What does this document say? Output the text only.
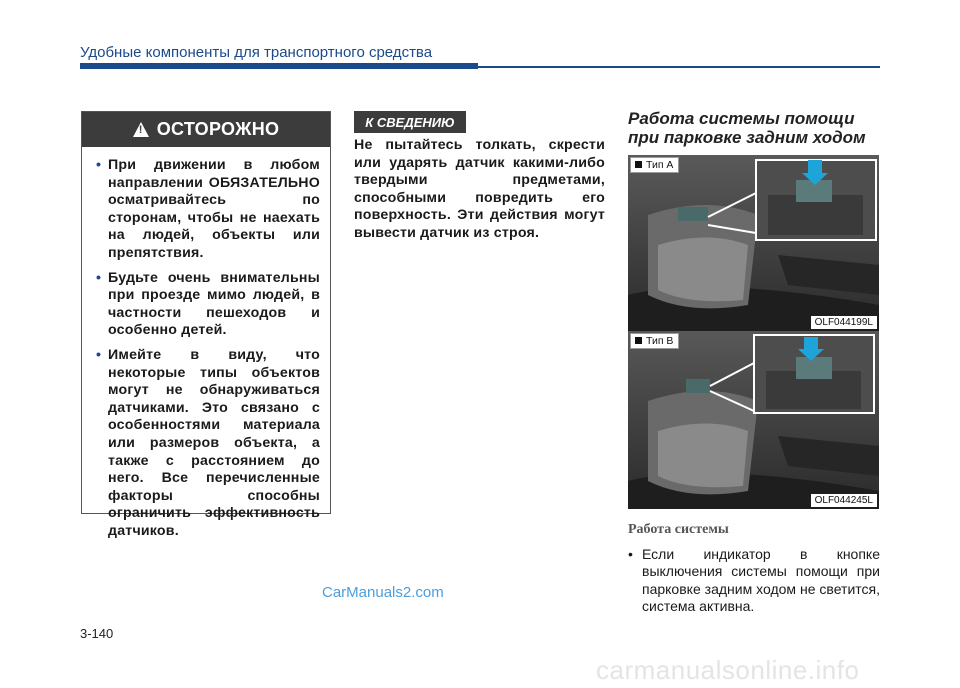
Удобные компоненты для транспортного средства
!
ОСТОРОЖНО
• При движении в любом направлении ОБЯЗАТЕЛЬНО осматривайтесь по сторонам, чтобы не наехать на людей, объекты или препятствия.
• Будьте очень внимательны при проезде мимо людей, в частности пешеходов и особенно детей.
• Имейте в виду, что некоторые типы объектов могут не обнаруживаться датчиками. Это связано с особенностями материала или размеров объекта, а также с расстоянием до него. Все перечисленные факторы способны ограничить эффективность датчиков.
К СВЕДЕНИЮ
Не пытайтесь толкать, скрести или ударять датчик какими-либо твердыми предметами, способными повредить его поверхность. Эти действия могут вывести датчик из строя.
Работа системы помощи
при парковке задним ходом
Тип A
OLF044199L
Тип B
OLF044245L
Работа системы
• Если индикатор в кнопке выключения системы помощи при парковке задним ходом не светится, система активна.
CarManuals2.com
3-140
carmanualsonline.info
